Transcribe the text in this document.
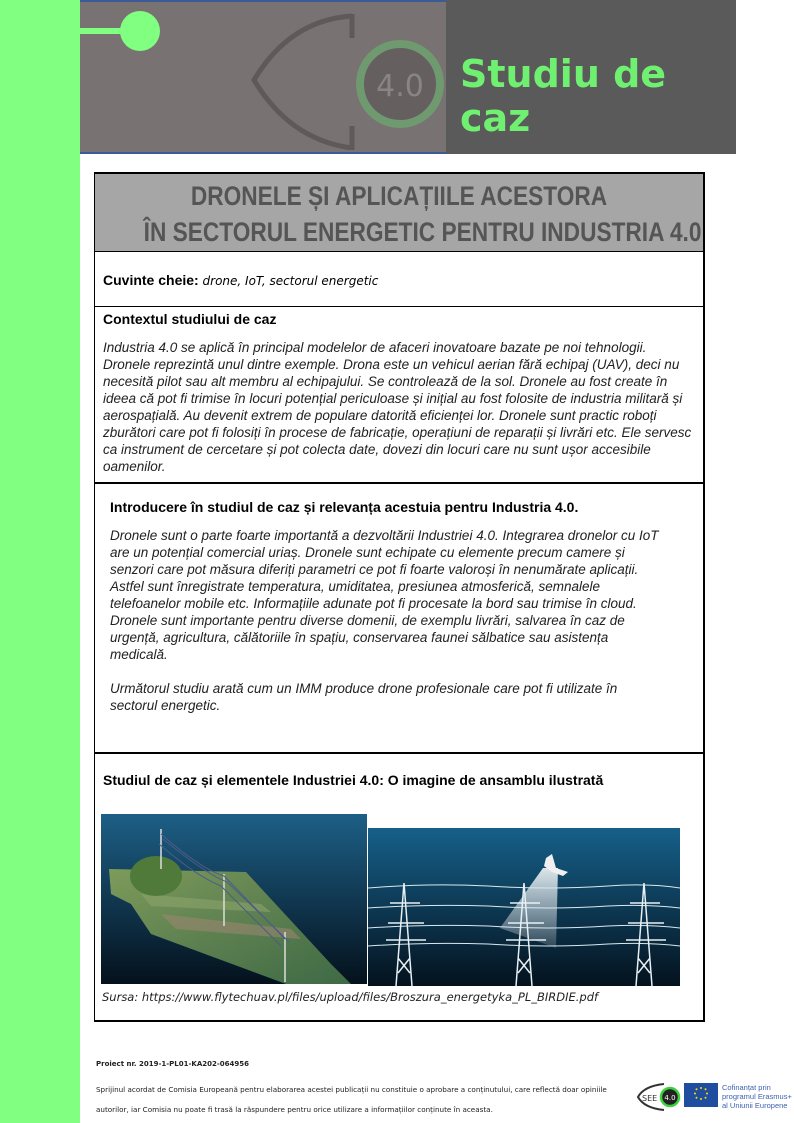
4.0 Studiu de caz
DRONELE ȘI APLICAȚIILE ACESTORA
ÎN SECTORUL ENERGETIC PENTRU INDUSTRIA 4.0
Cuvinte cheie: drone, IoT, sectorul energetic
Contextul studiului de caz
Industria 4.0 se aplică în principal modelelor de afaceri inovatoare bazate pe noi tehnologii. Dronele reprezintă unul dintre exemple. Drona este un vehicul aerian fără echipaj (UAV), deci nu necesită pilot sau alt membru al echipajului. Se controlează de la sol. Dronele au fost create în ideea că pot fi trimise în locuri potențial periculoase și inițial au fost folosite de industria militară și aerospațială. Au devenit extrem de populare datorită eficienței lor. Dronele sunt practic roboți zburători care pot fi folosiți în procese de fabricație, operațiuni de reparații și livrări etc. Ele servesc ca instrument de cercetare și pot colecta date, dovezi din locuri care nu sunt ușor accesibile oamenilor.
Introducere în studiul de caz și relevanța acestuia pentru Industria 4.0.

Dronele sunt o parte foarte importantă a dezvoltării Industriei 4.0. Integrarea dronelor cu IoT are un potențial comercial uriaș. Dronele sunt echipate cu elemente precum camere și senzori care pot măsura diferiți parametri ce pot fi foarte valoroși în nenumărate aplicații. Astfel sunt înregistrate temperatura, umiditatea, presiunea atmosferică, semnalele telefoanelor mobile etc. Informațiile adunate pot fi procesate la bord sau trimise în cloud.

Dronele sunt importante pentru diverse domenii, de exemplu livrări, salvarea în caz de urgență, agricultura, călătoriile în spațiu, conservarea faunei sălbatice sau asistența medicală.

Următorul studiu arată cum un IMM produce drone profesionale care pot fi utilizate în sectorul energetic.

Studiul de caz și elementele Industriei 4.0: O imagine de ansamblu ilustrată
Sursa: https://www.flytechuav.pl/files/upload/files/Broszura_energetyka_PL_BIRDIE.pdf
Proiect nr. 2019-1-PL01-KA202-064956
Sprijinul acordat de Comisia Europeană pentru elaborarea acestei publicații nu constituie o aprobare a conținutului, care reflectă doar opiniile autorilor, iar Comisia nu poate fi trasă la răspundere pentru orice utilizare a informațiilor conținute în aceasta.
SEE 4.0
Cofinanțat prin
programul Erasmus+
al Uniunii Europene
